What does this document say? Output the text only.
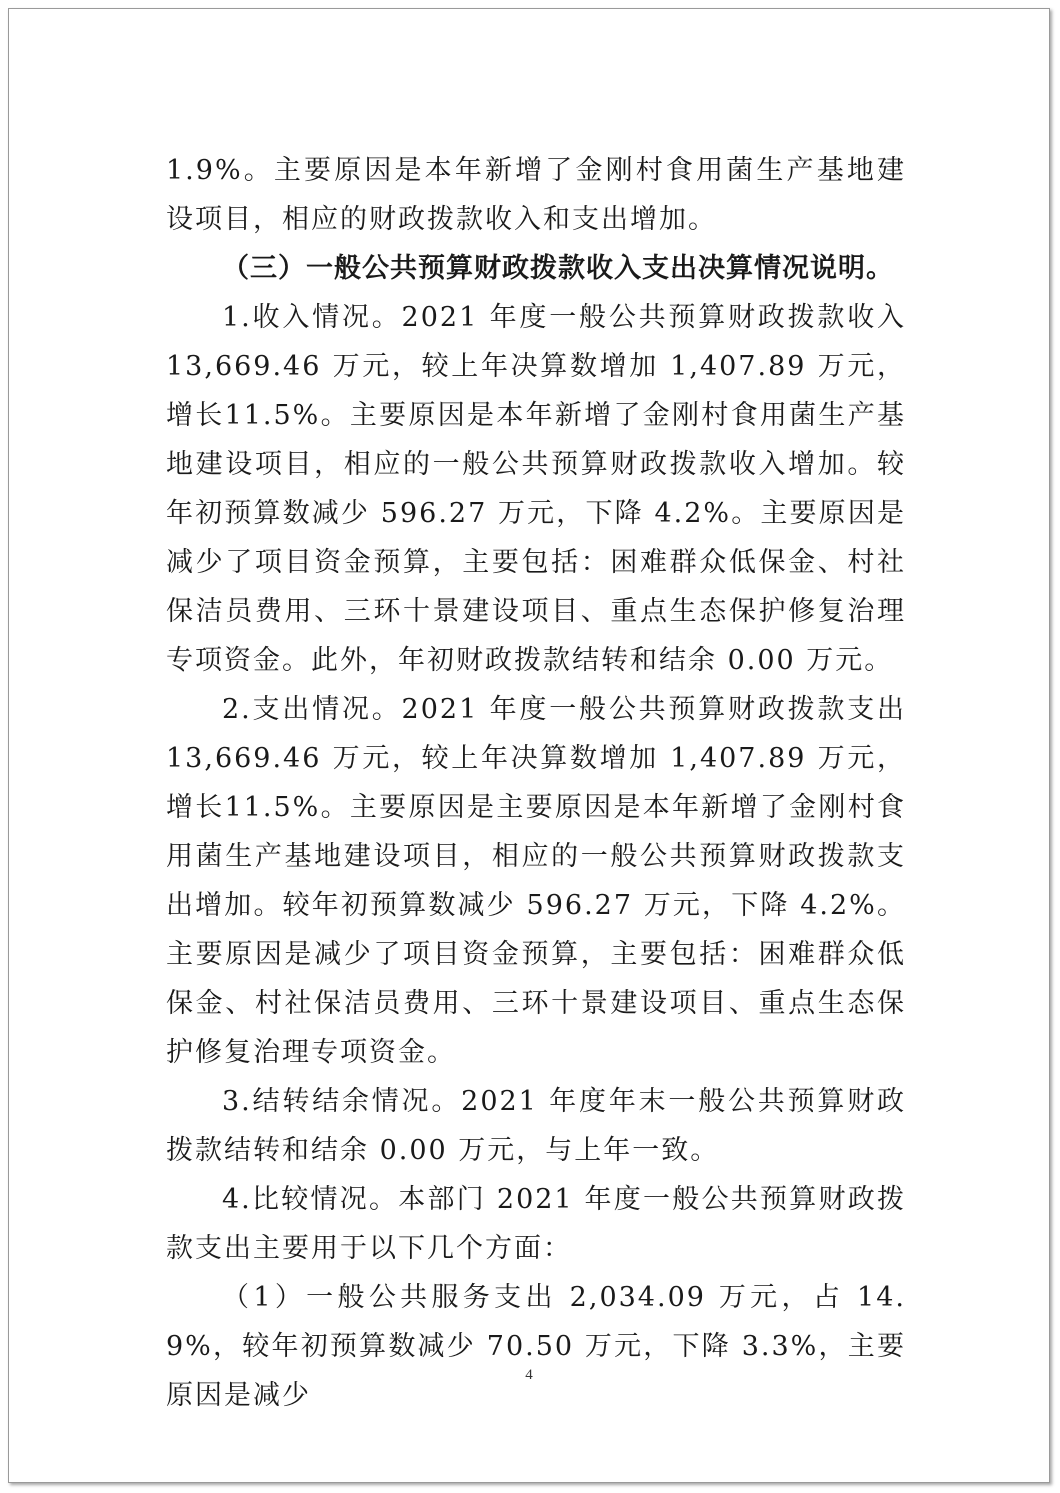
1.9%。主要原因是本年新增了金刚村食用菌生产基地建设项目，相应的财政拨款收入和支出增加。

（三）一般公共预算财政拨款收入支出决算情况说明。

1.收入情况。2021 年度一般公共预算财政拨款收入13,669.46 万元，较上年决算数增加 1,407.89 万元，增长11.5%。主要原因是本年新增了金刚村食用菌生产基地建设项目，相应的一般公共预算财政拨款收入增加。较年初预算数减少 596.27 万元，下降 4.2%。主要原因是减少了项目资金预算，主要包括：困难群众低保金、村社保洁员费用、三环十景建设项目、重点生态保护修复治理专项资金。此外，年初财政拨款结转和结余 0.00 万元。

2.支出情况。2021 年度一般公共预算财政拨款支出13,669.46 万元，较上年决算数增加 1,407.89 万元，增长11.5%。主要原因是主要原因是本年新增了金刚村食用菌生产基地建设项目，相应的一般公共预算财政拨款支出增加。较年初预算数减少 596.27 万元，下降 4.2%。主要原因是减少了项目资金预算，主要包括：困难群众低保金、村社保洁员费用、三环十景建设项目、重点生态保护修复治理专项资金。

3.结转结余情况。2021 年度年末一般公共预算财政拨款结转和结余 0.00 万元，与上年一致。

4.比较情况。本部门 2021 年度一般公共预算财政拨款支出主要用于以下几个方面：

（1）一般公共服务支出 2,034.09 万元，占 14.9%，较年初预算数减少 70.50 万元，下降 3.3%，主要原因是减少

4
